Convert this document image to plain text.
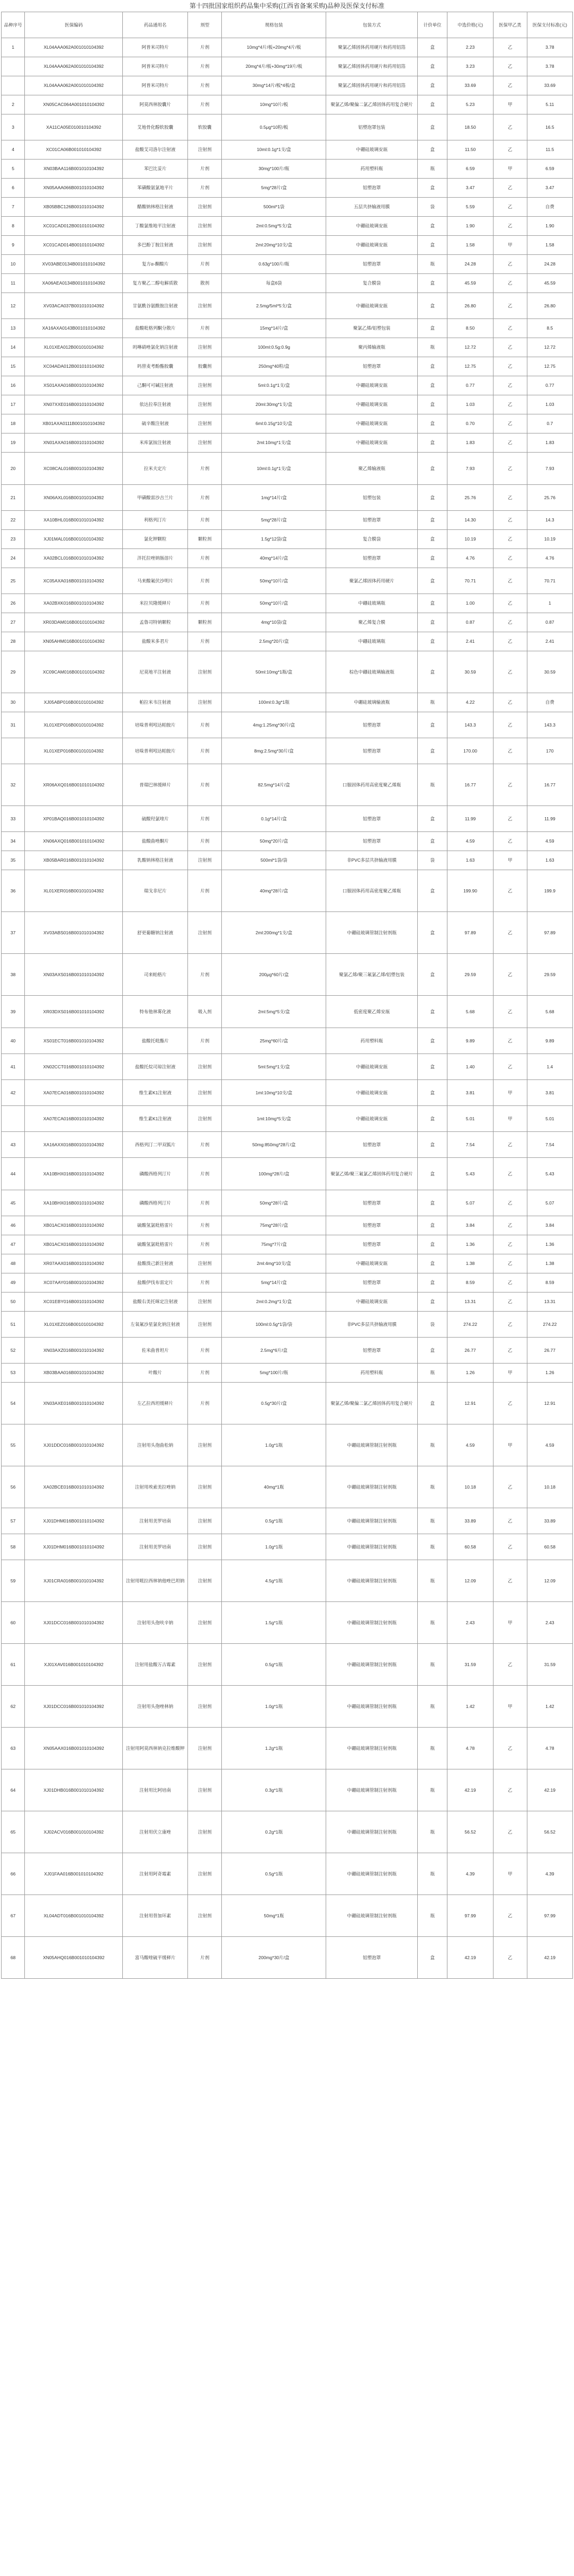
第十四批国家组织药品集中采购(江西省备案采购)品种及医保支付标准
品种序号	医保编码	药品通用名	剂型	规格包装	包装方式	计价单位	中选价格(元)	医保甲乙类	医保支付标准(元)
1	XL04AAA062A001010104392	阿普米司特片	片剂	10mg*4片/板+20mg*4片/板	聚氯乙烯固体药用硬片和药用铝箔	盒	2.23	乙	3.78
	XL04AAA062A001010104392	阿普米司特片	片剂	20mg*4片/板+30mg*19片/板	聚氯乙烯固体药用硬片和药用铝箔	盒	3.23	乙	3.78
	XL04AAA062A001010104392	阿普米司特片	片剂	30mg*14片/板*4板/盒	聚氯乙烯固体药用硬片和药用铝箔	盒	33.69	乙	33.69
2	XN05CAC064A001010104392	阿莫西林胶囊片	片剂	10mg*10片/板	聚氯乙烯/聚偏二氯乙烯固体药用复合硬片	盒	5.23	甲	5.11
3	XA11CA05E010010104392	艾地骨化醇软胶囊	软胶囊	0.5μg*10粒/板	铝塑泡罩包装	盒	18.50	乙	16.5
4	XC01CA06B001010104392	盐酸艾司洛尔注射液	注射剂	10ml:0.1g*1支/盒	中硼硅玻璃安瓿	盒	11.50	乙	11.5
5	XN03BAA116B001010104392	苯巴比妥片	片剂	30mg*100片/瓶	药用塑料瓶	瓶	6.59	甲	6.59
6	XN05AAA066B001010104392	苯磺酸氨氯地平片	片剂	5mg*28片/盒	铝塑泡罩	盒	3.47	乙	3.47
7	XB05BBC126B001010104392	醋酸钠林格注射液	注射剂	500ml*1袋	五层共挤输液用膜	袋	5.59	乙	自费
8	XC01CAD012B001010104392	丁酸氯维地平注射液	注射剂	2ml:0.5mg*5支/盒	中硼硅玻璃安瓿	盒	1.90	乙	1.90
9	XC01CAD014B001010104392	多巴酚丁胺注射液	注射剂	2ml:20mg*10支/盒	中硼硅玻璃安瓿	盒	1.58	甲	1.58
10	XV03ABE0134B001010104392	复方α-酮酸片	片剂	0.63g*100片/瓶	铝塑泡罩	瓶	24.28	乙	24.28
11	XA06AEA0134B001010104392	复方聚乙二醇电解质散	散剂	每盒6袋	复合膜袋	盒	45.59	乙	45.59
12	XV03ACA037B001010104392	甘氨酰谷氨酰胺注射液	注射剂	2.5mg/5ml*5支/盒	中硼硅玻璃安瓿	盒	26.80	乙	26.80
13	XA16AXA0143B001010104392	盐酸吡格列酮分散片	片剂	15mg*14片/盒	聚氯乙烯/铝塑包装	盒	8.50	乙	8.5
14	XL01XEA012B001010104392	吗啉硝唑氯化钠注射液	注射剂	100ml:0.5g:0.9g	聚丙烯输液瓶	瓶	12.72	乙	12.72
15	XC04ADA012B001010104392	吗替麦考酚酯胶囊	胶囊剂	250mg*40粒/盒	铝塑泡罩	盒	12.75	乙	12.75
16	XS01AXA016B001010104392	己酮可可碱注射液	注射剂	5ml:0.1g*1支/盒	中硼硅玻璃安瓿	盒	0.77	乙	0.77
17	XN07XXE016B001010104392	依达拉奉注射液	注射剂	20ml:30mg*1支/盒	中硼硅玻璃安瓿	盒	1.03	乙	1.03
18	XB01AXA0111B001010104392	硫辛酸注射液	注射剂	6ml:0.15g*10支/盒	中硼硅玻璃安瓿	盒	0.70	乙	0.7
19	XN01AXA016B001010104392	米库氯铵注射液	注射剂	2ml:10mg*1支/盒	中硼硅玻璃安瓿	盒	1.83	乙	1.83
20	XC08CAL016B001010104392	拉米夫定片	片剂	10ml:0.1g*1支/盒	聚乙烯输液瓶	盒	7.93	乙	7.93
21	XN06AXL016B001010104392	甲磺酸雷沙吉兰片	片剂	1mg*14片/盒	铝塑包装	盒	25.76	乙	25.76
22	XA10BHL016B001010104392	利格列汀片	片剂	5mg*28片/盒	铝塑泡罩	盒	14.30	乙	14.3
23	XJ01MAL016B001010104392	氯化钾颗粒	颗粒剂	1.5g*12袋/盒	复合膜袋	盒	10.19	乙	10.19
24	XA02BCL016B001010104392	泮托拉唑钠肠溶片	片剂	40mg*14片/盒	铝塑泡罩	盒	4.76	乙	4.76
25	XC05AXA016B001010104392	马来酸氟伏沙明片	片剂	50mg*10片/盒	聚氯乙烯固体药用硬片	盒	70.71	乙	70.71
26	XA02BXK016B001010104392	米拉贝隆缓释片	片剂	50mg*10片/盒	中硼硅玻璃瓶	盒	1.00	乙	1
27	XR03DAM016B001010104392	孟鲁司特钠颗粒	颗粒剂	4mg*10袋/盒	聚乙烯复合膜	盒	0.87	乙	0.87
28	XN05AHM016B001010104392	盐酸米多君片	片剂	2.5mg*20片/盒	中硼硅玻璃瓶	盒	2.41	乙	2.41
29	XC09CAM016B001010104392	尼莫地平注射液	注射剂	50ml:10mg*1瓶/盒	棕色中硼硅玻璃输液瓶	盒	30.59	乙	30.59
30	XJ05ABP016B001010104392	帕拉米韦注射液	注射剂	100ml:0.3g*1瓶	中硼硅玻璃输液瓶	瓶	4.22	乙	自费
31	XL01XEP016B001010104392	培哚普利吲达帕胺片	片剂	4mg:1.25mg*30片/盒	铝塑泡罩	盒	143.3	乙	143.3
	XL01XEP016B001010104392	培哚普利吲达帕胺片	片剂	8mg:2.5mg*30片/盒	铝塑泡罩	盒	170.00	乙	170
32	XR06AXQ016B001010104392	普瑞巴林缓释片	片剂	82.5mg*14片/盒	口服固体药用高密度聚乙烯瓶	瓶	16.77	乙	16.77
33	XP01BAQ016B001010104392	硫酸羟氯喹片	片剂	0.1g*14片/盒	铝塑泡罩	盒	11.99	乙	11.99
34	XN06AXQ016B001010104392	盐酸曲唑酮片	片剂	50mg*20片/盒	铝塑泡罩	盒	4.59	乙	4.59
35	XB05BAR016B001010104392	乳酸钠林格注射液	注射剂	500ml*1袋/袋	非PVC多层共挤输液用膜	袋	1.63	甲	1.63
36	XL01XER016B001010104392	瑞戈非尼片	片剂	40mg*28片/盒	口服固体药用高密度聚乙烯瓶	盒	199.90	乙	199.9
37	XV03ABS016B001010104392	舒更葡糖钠注射液	注射剂	2ml:200mg*1支/盒	中硼硅玻璃管制注射剂瓶	盒	97.89	乙	97.89
38	XN03AXS016B001010104392	司来帕格片	片剂	200μg*60片/盒	聚氯乙烯/聚三氟氯乙烯/铝塑包装	盒	29.59	乙	29.59
39	XR03DXS016B001010104392	特布他林雾化液	吸入剂	2ml:5mg*5支/盒	低密度聚乙烯安瓿	盒	5.68	乙	5.68
40	XS01ECT016B001010104392	盐酸托吡酯片	片剂	25mg*60片/盒	药用塑料瓶	盒	9.89	乙	9.89
41	XN02CCT016B001010104392	盐酸托烷司琼注射液	注射剂	5ml:5mg*1支/盒	中硼硅玻璃安瓿	盒	1.40	乙	1.4
42	XA07ECA016B001010104392	维生素K1注射液	注射剂	1ml:10mg*10支/盒	中硼硅玻璃安瓿	盒	3.81	甲	3.81
	XA07ECA016B001010104392	维生素K1注射液	注射剂	1ml:10mg*5支/盒	中硼硅玻璃安瓿	盒	5.01	甲	5.01
43	XA16AXX016B001010104392	西格列汀二甲双胍片	片剂	50mg:850mg*28片/盒	铝塑泡罩	盒	7.54	乙	7.54
44	XA10BHX016B001010104392	磷酸西格列汀片	片剂	100mg*28片/盒	聚氯乙烯/聚三氟氯乙烯固体药用复合硬片	盒	5.43	乙	5.43
45	XA10BHX016B001010104392	磷酸西格列汀片	片剂	50mg*28片/盒	铝塑泡罩	盒	5.07	乙	5.07
46	XB01ACX016B001010104392	硫酸氢氯吡格雷片	片剂	75mg*28片/盒	铝塑泡罩	盒	3.84	乙	3.84
47	XB01ACX016B001010104392	硫酸氢氯吡格雷片	片剂	75mg*7片/盒	铝塑泡罩	盒	1.36	乙	1.36
48	XR07AAX016B001010104392	盐酸溴己新注射液	注射剂	2ml:4mg*10支/盒	中硼硅玻璃安瓿	盒	1.38	乙	1.38
49	XC07AAY016B001010104392	盐酸伊伐布雷定片	片剂	5mg*14片/盒	铝塑泡罩	盒	8.59	乙	8.59
50	XC01EBY016B001010104392	盐酸右美托咪定注射液	注射剂	2ml:0.2mg*1支/盒	中硼硅玻璃安瓿	盒	13.31	乙	13.31
51	XL01XEZ016B001010104392	左氧氟沙星氯化钠注射液	注射剂	100ml:0.5g*1袋/袋	非PVC多层共挤输液用膜	袋	274.22	乙	274.22
52	XN03AXZ016B001010104392	佐米曲普坦片	片剂	2.5mg*6片/盒	铝塑泡罩	盒	26.77	乙	26.77
53	XB03BAA016B001010104392	叶酸片	片剂	5mg*100片/瓶	药用塑料瓶	瓶	1.26	甲	1.26
54	XN03AXE016B001010104392	左乙拉西坦缓释片	片剂	0.5g*30片/盒	聚氯乙烯/聚偏二氯乙烯固体药用复合硬片	盒	12.91	乙	12.91
55	XJ01DDC016B001010104392	注射用头孢曲松钠	注射剂	1.0g*1瓶	中硼硅玻璃管制注射剂瓶	瓶	4.59	甲	4.59
56	XA02BCE016B001010104392	注射用埃索美拉唑钠	注射剂	40mg*1瓶	中硼硅玻璃管制注射剂瓶	瓶	10.18	乙	10.18
57	XJ01DHM016B001010104392	注射用美罗培南	注射剂	0.5g*1瓶	中硼硅玻璃管制注射剂瓶	瓶	33.89	乙	33.89
58	XJ01DHM016B001010104392	注射用美罗培南	注射剂	1.0g*1瓶	中硼硅玻璃管制注射剂瓶	瓶	60.58	乙	60.58
59	XJ01CRA016B001010104392	注射用哌拉西林钠他唑巴坦钠	注射剂	4.5g*1瓶	中硼硅玻璃管制注射剂瓶	瓶	12.09	乙	12.09
60	XJ01DCC016B001010104392	注射用头孢呋辛钠	注射剂	1.5g*1瓶	中硼硅玻璃管制注射剂瓶	瓶	2.43	甲	2.43
61	XJ01XAV016B001010104392	注射用盐酸万古霉素	注射剂	0.5g*1瓶	中硼硅玻璃管制注射剂瓶	瓶	31.59	乙	31.59
62	XJ01DCC016B001010104392	注射用头孢唑林钠	注射剂	1.0g*1瓶	中硼硅玻璃管制注射剂瓶	瓶	1.42	甲	1.42
63	XN05AAX016B001010104392	注射用阿莫西林钠克拉维酸钾	注射剂	1.2g*1瓶	中硼硅玻璃管制注射剂瓶	瓶	4.78	乙	4.78
64	XJ01DHB016B001010104392	注射用比阿培南	注射剂	0.3g*1瓶	中硼硅玻璃管制注射剂瓶	瓶	42.19	乙	42.19
65	XJ02ACV016B001010104392	注射用伏立康唑	注射剂	0.2g*1瓶	中硼硅玻璃管制注射剂瓶	瓶	56.52	乙	56.52
66	XJ01FAA016B001010104392	注射用阿奇霉素	注射剂	0.5g*1瓶	中硼硅玻璃管制注射剂瓶	瓶	4.39	甲	4.39
67	XL04ADT016B001010104392	注射用替加环素	注射剂	50mg*1瓶	中硼硅玻璃管制注射剂瓶	瓶	97.99	乙	97.99
68	XN05AHQ016B001010104392	富马酸喹硫平缓释片	片剂	200mg*30片/盒	铝塑泡罩	盒	42.19	乙	42.19
